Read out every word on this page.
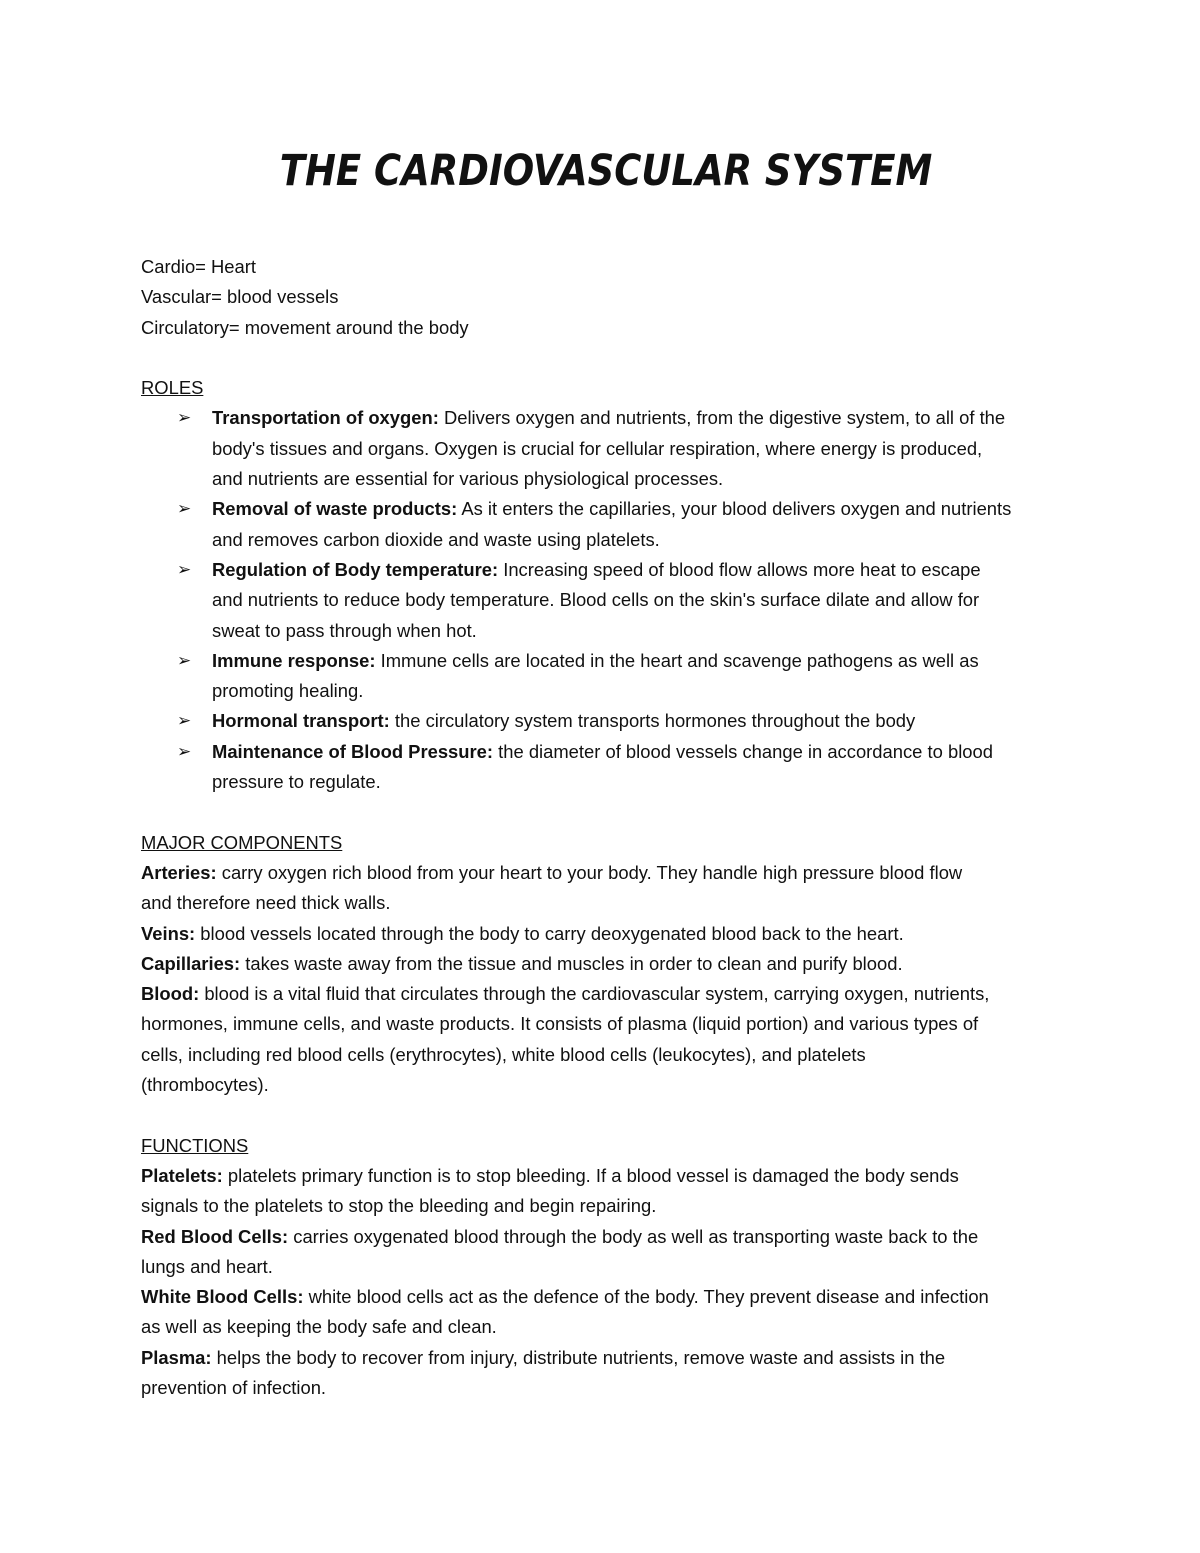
THE CARDIOVASCULAR SYSTEM
Cardio= Heart
Vascular= blood vessels
Circulatory= movement around the body
ROLES
➢ Transportation of oxygen: Delivers oxygen and nutrients, from the digestive system, to all of the
body's tissues and organs. Oxygen is crucial for cellular respiration, where energy is produced,
and nutrients are essential for various physiological processes.
➢ Removal of waste products: As it enters the capillaries, your blood delivers oxygen and nutrients
and removes carbon dioxide and waste using platelets.
➢ Regulation of Body temperature: Increasing speed of blood flow allows more heat to escape
and nutrients to reduce body temperature. Blood cells on the skin's surface dilate and allow for
sweat to pass through when hot.
➢ Immune response: Immune cells are located in the heart and scavenge pathogens as well as
promoting healing.
➢ Hormonal transport: the circulatory system transports hormones throughout the body
➢ Maintenance of Blood Pressure: the diameter of blood vessels change in accordance to blood
pressure to regulate.
MAJOR COMPONENTS
Arteries: carry oxygen rich blood from your heart to your body. They handle high pressure blood flow
and therefore need thick walls.
Veins: blood vessels located through the body to carry deoxygenated blood back to the heart.
Capillaries: takes waste away from the tissue and muscles in order to clean and purify blood.
Blood: blood is a vital fluid that circulates through the cardiovascular system, carrying oxygen, nutrients,
hormones, immune cells, and waste products. It consists of plasma (liquid portion) and various types of
cells, including red blood cells (erythrocytes), white blood cells (leukocytes), and platelets
(thrombocytes).
FUNCTIONS
Platelets: platelets primary function is to stop bleeding. If a blood vessel is damaged the body sends
signals to the platelets to stop the bleeding and begin repairing.
Red Blood Cells: carries oxygenated blood through the body as well as transporting waste back to the
lungs and heart.
White Blood Cells: white blood cells act as the defence of the body. They prevent disease and infection
as well as keeping the body safe and clean.
Plasma: helps the body to recover from injury, distribute nutrients, remove waste and assists in the
prevention of infection.
